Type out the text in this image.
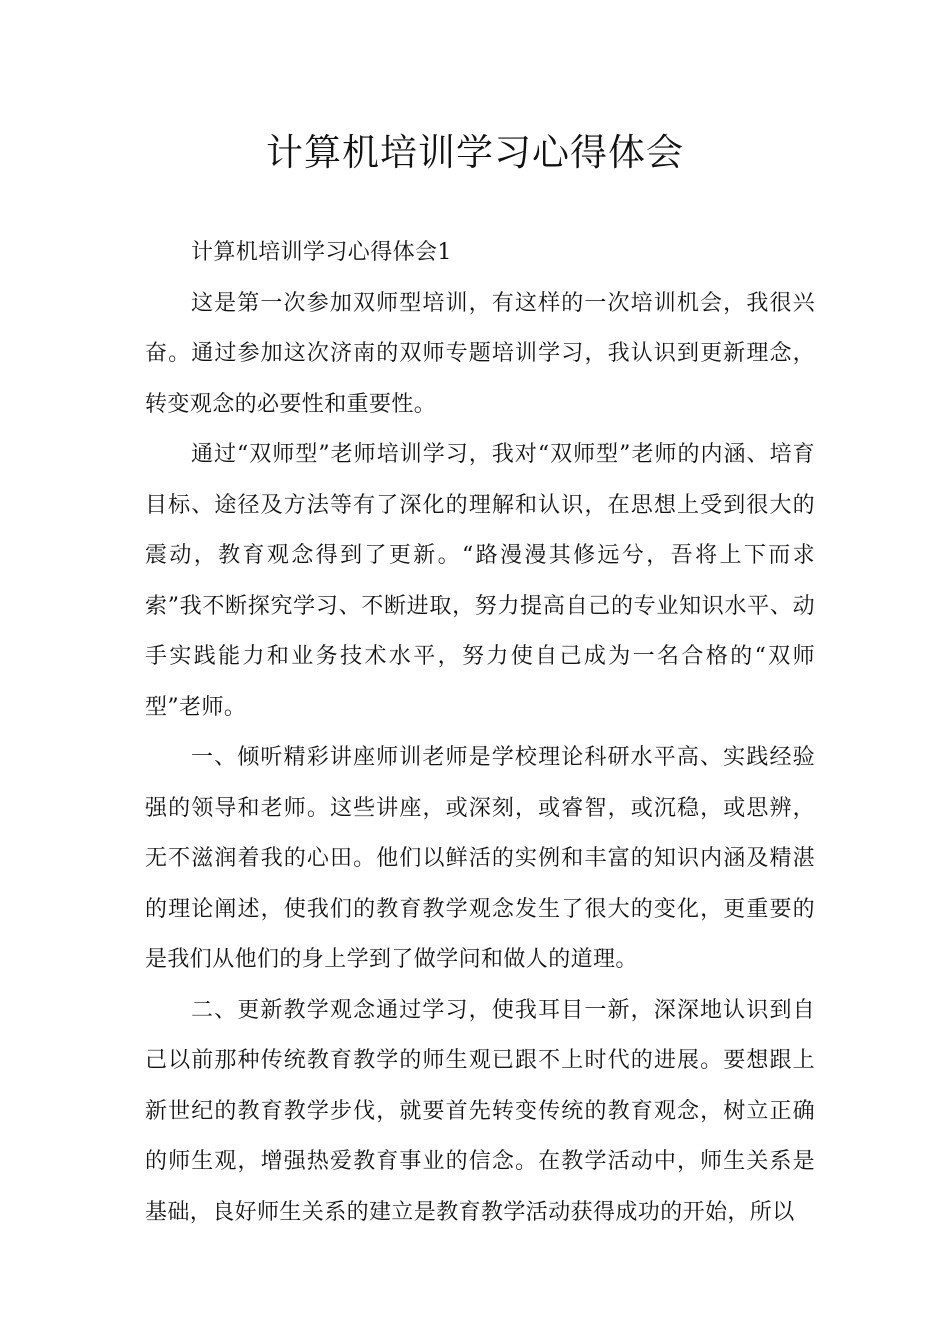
计算机培训学习心得体会

计算机培训学习心得体会1

这是第一次参加双师型培训，有这样的一次培训机会，我很兴奋。通过参加这次济南的双师专题培训学习，我认识到更新理念，转变观念的必要性和重要性。

通过“双师型”老师培训学习，我对“双师型”老师的内涵、培育目标、途径及方法等有了深化的理解和认识，在思想上受到很大的震动，教育观念得到了更新。“路漫漫其修远兮，吾将上下而求索”我不断探究学习、不断进取，努力提高自己的专业知识水平、动手实践能力和业务技术水平，努力使自己成为一名合格的“双师型”老师。

一、倾听精彩讲座师训老师是学校理论科研水平高、实践经验强的领导和老师。这些讲座，或深刻，或睿智，或沉稳，或思辨，无不滋润着我的心田。他们以鲜活的实例和丰富的知识内涵及精湛的理论阐述，使我们的教育教学观念发生了很大的变化，更重要的是我们从他们的身上学到了做学问和做人的道理。

二、更新教学观念通过学习，使我耳目一新，深深地认识到自己以前那种传统教育教学的师生观已跟不上时代的进展。要想跟上新世纪的教育教学步伐，就要首先转变传统的教育观念，树立正确的师生观，增强热爱教育事业的信念。在教学活动中，师生关系是基础，良好师生关系的建立是教育教学活动获得成功的开始，所以
